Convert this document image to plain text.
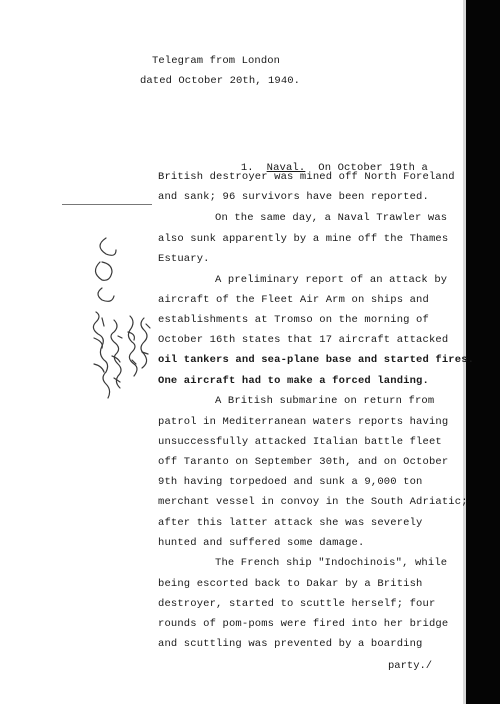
Telegram from London
dated October 20th, 1940.

1. Naval. On October 19th a

British destroyer was mined off North Foreland
and sank; 96 survivors have been reported.
On the same day, a Naval Trawler was
also sunk apparently by a mine off the Thames
Estuary.
A preliminary report of an attack by
aircraft of the Fleet Air Arm on ships and
establishments at Tromso on the morning of
October 16th states that 17 aircraft attacked
oil tankers and sea-plane base and started fires.
One aircraft had to make a forced landing.
A British submarine on return from
patrol in Mediterranean waters reports having
unsuccessfully attacked Italian battle fleet
off Taranto on September 30th, and on October
9th having torpedoed and sunk a 9,000 ton
merchant vessel in convoy in the South Adriatic;
after this latter attack she was severely
hunted and suffered some damage.
The French ship "Indochinois", while
being escorted back to Dakar by a British
destroyer, started to scuttle herself; four
rounds of pom-poms were fired into her bridge
and scuttling was prevented by a boarding
party./
